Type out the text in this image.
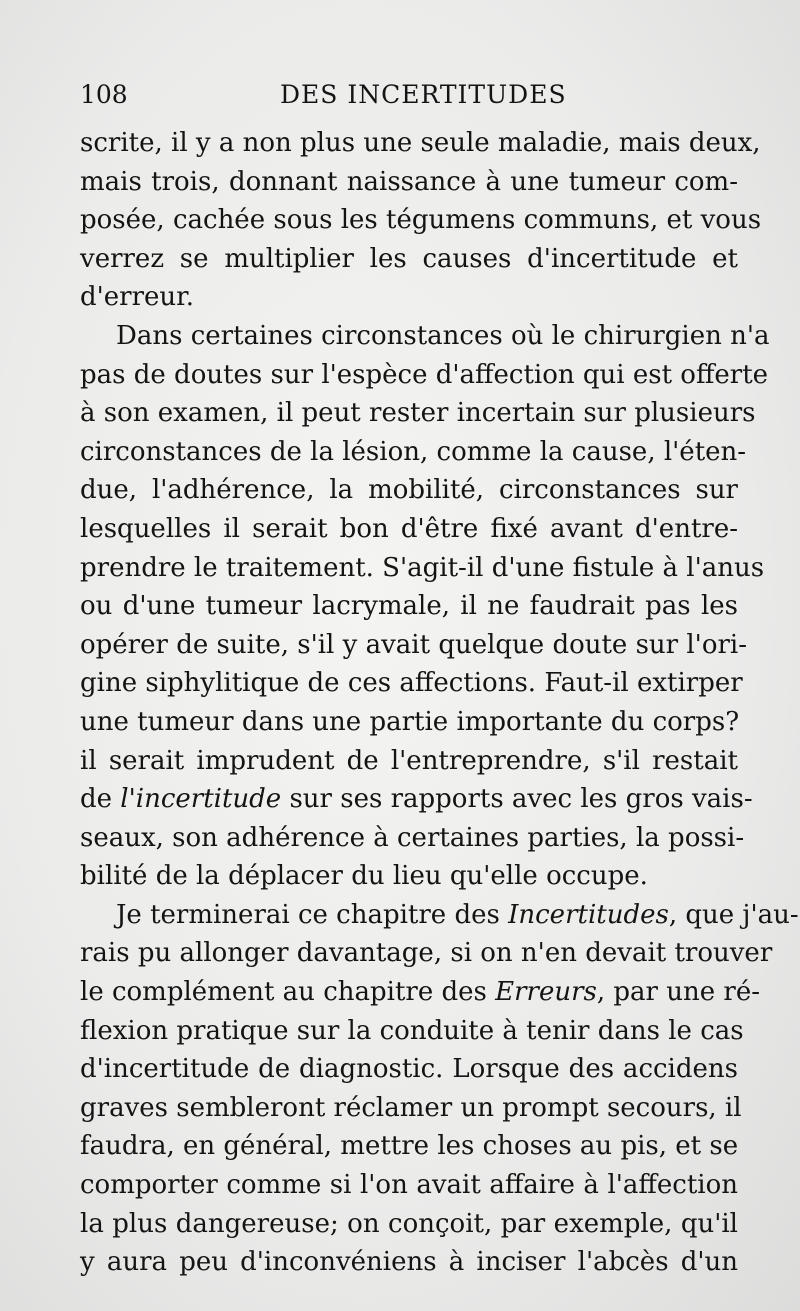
108	DES INCERTITUDES
scrite, il y a non plus une seule maladie, mais deux,
mais trois, donnant naissance à une tumeur com-
posée, cachée sous les tégumens communs, et vous
verrez se multiplier les causes d'incertitude et
d'erreur.
Dans certaines circonstances où le chirurgien n'a
pas de doutes sur l'espèce d'affection qui est offerte
à son examen, il peut rester incertain sur plusieurs
circonstances de la lésion, comme la cause, l'éten-
due, l'adhérence, la mobilité, circonstances sur
lesquelles il serait bon d'être fixé avant d'entre-
prendre le traitement. S'agit-il d'une fistule à l'anus
ou d'une tumeur lacrymale, il ne faudrait pas les
opérer de suite, s'il y avait quelque doute sur l'ori-
gine siphylitique de ces affections. Faut-il extirper
une tumeur dans une partie importante du corps?
il serait imprudent de l'entreprendre, s'il restait
de l'incertitude sur ses rapports avec les gros vais-
seaux, son adhérence à certaines parties, la possi-
bilité de la déplacer du lieu qu'elle occupe.
Je terminerai ce chapitre des Incertitudes, que j'au-
rais pu allonger davantage, si on n'en devait trouver
le complément au chapitre des Erreurs, par une ré-
flexion pratique sur la conduite à tenir dans le cas
d'incertitude de diagnostic. Lorsque des accidens
graves sembleront réclamer un prompt secours, il
faudra, en général, mettre les choses au pis, et se
comporter comme si l'on avait affaire à l'affection
la plus dangereuse; on conçoit, par exemple, qu'il
y aura peu d'inconvéniens à inciser l'abcès d'un
